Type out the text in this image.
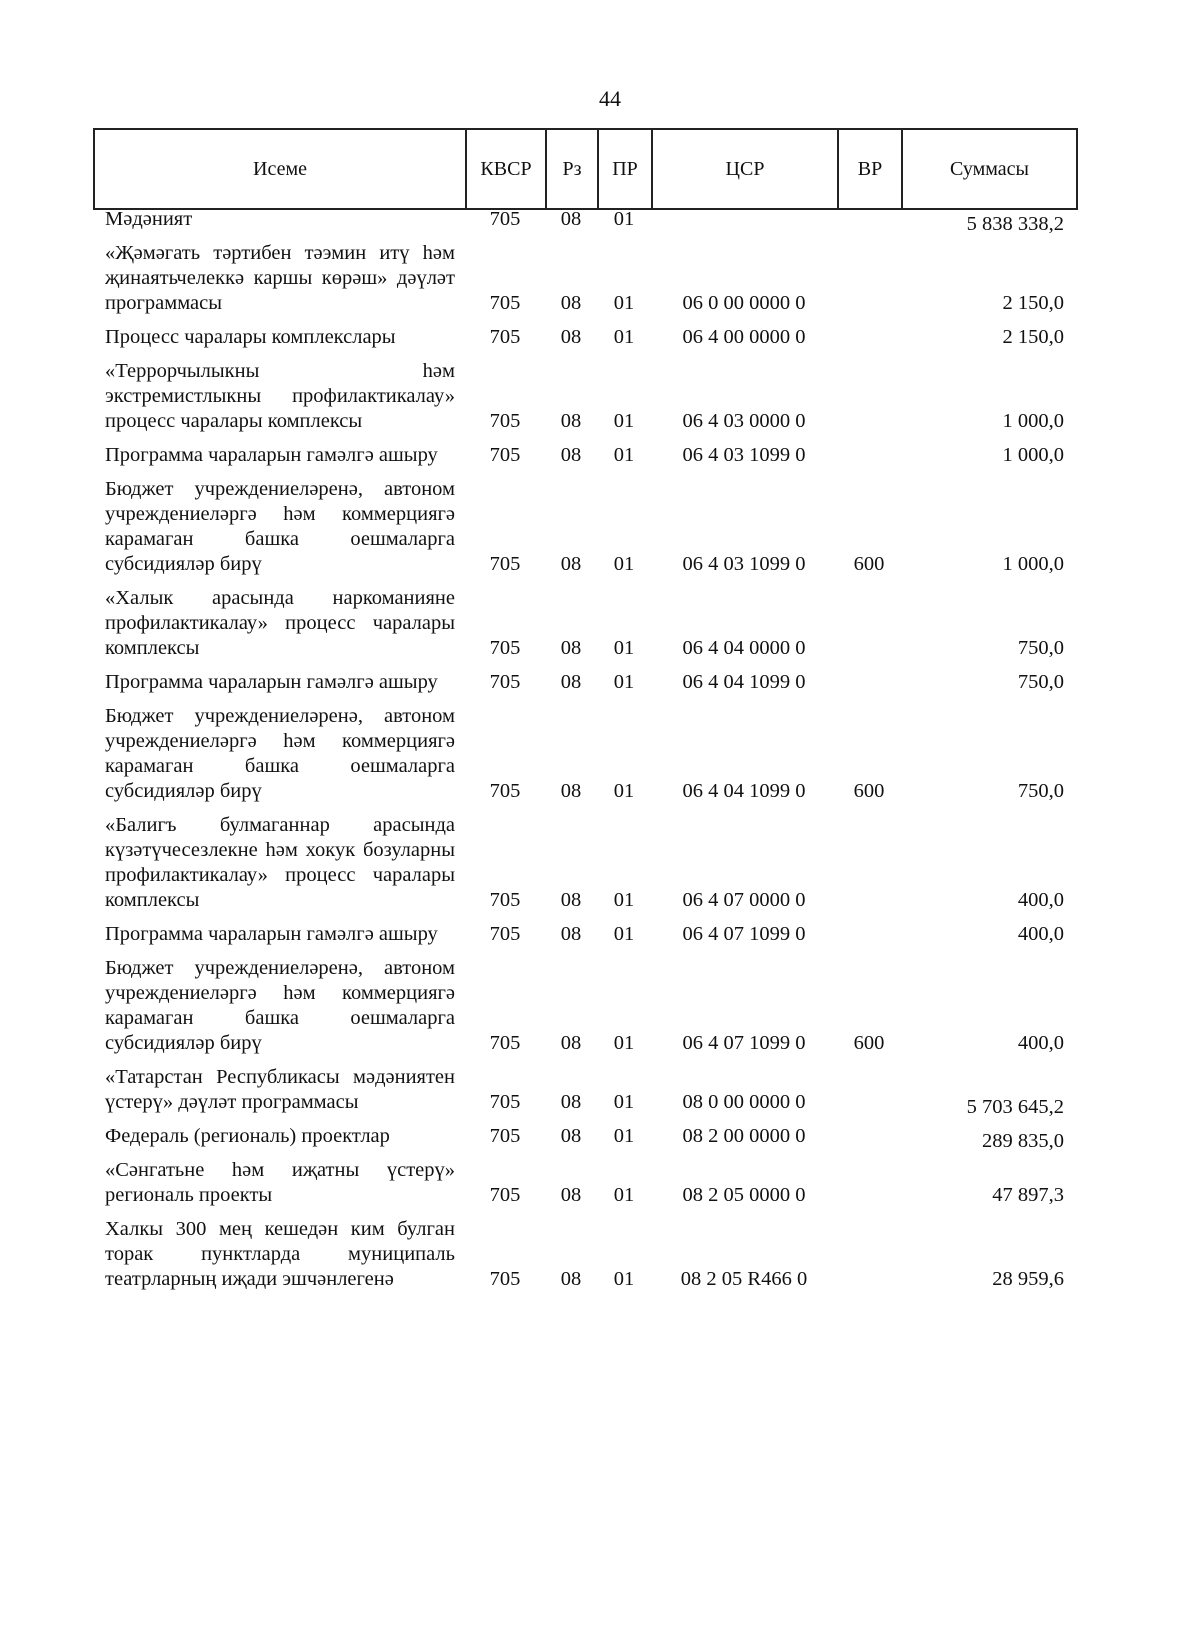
44
Исеме	КВСР	Рз	ПР	ЦСР	ВР	Суммасы
Мәдәният	705	08	01			5 838 338,2

«Җәмәгать тәртибен тәэмин итү һәм җинаятьчелеккә каршы көрәш» дәүләт программасы	705	08	01	06 0 00 0000 0		2 150,0

Процесс чаралары комплекслары	705	08	01	06 4 00 0000 0		2 150,0

«Террорчылыкны һәм экстремистлыкны профилактикалау» процесс чаралары комплексы	705	08	01	06 4 03 0000 0		1 000,0

Программа чараларын гамәлгә ашыру	705	08	01	06 4 03 1099 0		1 000,0

Бюджет учреждениеләренә, автоном учреждениеләргә һәм коммерциягә карамаган башка оешмаларга субсидияләр бирү	705	08	01	06 4 03 1099 0	600	1 000,0

«Халык арасында наркоманияне профилактикалау» процесс чаралары комплексы	705	08	01	06 4 04 0000 0		750,0

Программа чараларын гамәлгә ашыру	705	08	01	06 4 04 1099 0		750,0

Бюджет учреждениеләренә, автоном учреждениеләргә һәм коммерциягә карамаган башка оешмаларга субсидияләр бирү	705	08	01	06 4 04 1099 0	600	750,0

«Балигъ булмаганнар арасында күзәтүчесезлекне һәм хокук бозуларны профилактикалау» процесс чаралары комплексы	705	08	01	06 4 07 0000 0		400,0

Программа чараларын гамәлгә ашыру	705	08	01	06 4 07 1099 0		400,0

Бюджет учреждениеләренә, автоном учреждениеләргә һәм коммерциягә карамаган башка оешмаларга субсидияләр бирү	705	08	01	06 4 07 1099 0	600	400,0

«Татарстан Республикасы мәдәниятен үстерү» дәүләт программасы	705	08	01	08 0 00 0000 0		5 703 645,2

Федераль (региональ) проектлар	705	08	01	08 2 00 0000 0		289 835,0

«Сәнгатьне һәм иҗатны үстерү» региональ проекты	705	08	01	08 2 05 0000 0		47 897,3

Халкы 300 мең кешедән ким булган торак пунктларда муниципаль театрларның иҗади эшчәнлегенә	705	08	01	08 2 05 R466 0		28 959,6
